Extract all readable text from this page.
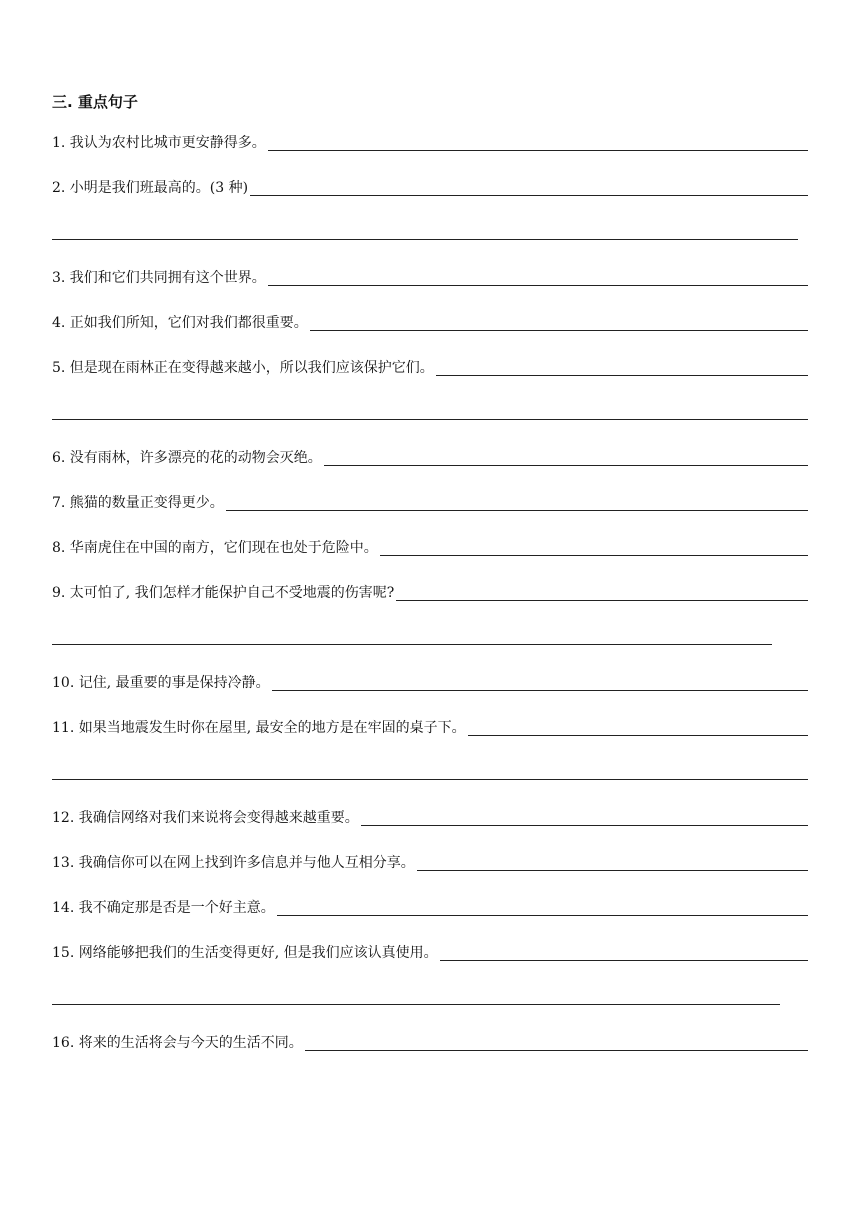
三. 重点句子
1. 我认为农村比城市更安静得多。
2. 小明是我们班最高的。(3 种)
3. 我们和它们共同拥有这个世界。
4. 正如我们所知，它们对我们都很重要。
5. 但是现在雨林正在变得越来越小，所以我们应该保护它们。
6. 没有雨林，许多漂亮的花的动物会灭绝。
7. 熊猫的数量正变得更少。
8. 华南虎住在中国的南方，它们现在也处于危险中。
9. 太可怕了, 我们怎样才能保护自己不受地震的伤害呢?
10. 记住, 最重要的事是保持冷静。
11. 如果当地震发生时你在屋里, 最安全的地方是在牢固的桌子下。
12. 我确信网络对我们来说将会变得越来越重要。
13. 我确信你可以在网上找到许多信息并与他人互相分享。
14. 我不确定那是否是一个好主意。
15. 网络能够把我们的生活变得更好, 但是我们应该认真使用。
16. 将来的生活将会与今天的生活不同。
